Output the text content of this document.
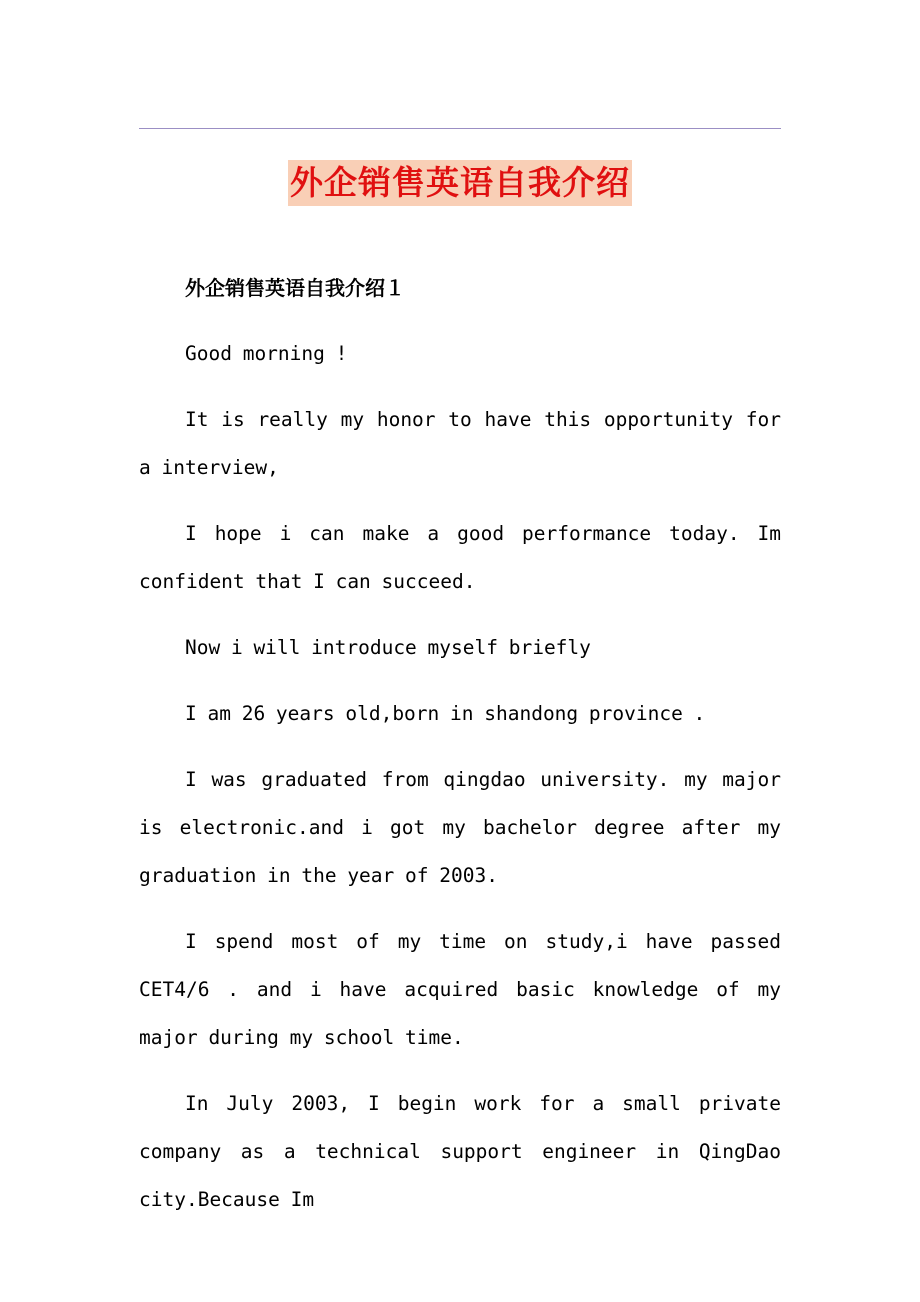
外企销售英语自我介绍

外企销售英语自我介绍１

Good morning !

It is really my honor to have this opportunity for a interview,

I hope i can make a good performance today. Im confident that I can succeed.

Now i will introduce myself briefly

I am 26 years old,born in shandong province .

I was graduated from qingdao university. my major is electronic.and i got my bachelor degree after my graduation in the year of 2003.

I spend most of my time on study,i have passed CET4/6 . and i have acquired basic knowledge of my major during my school time.

In July 2003, I begin work for a small private company as a technical support engineer in QingDao city.Because Im
